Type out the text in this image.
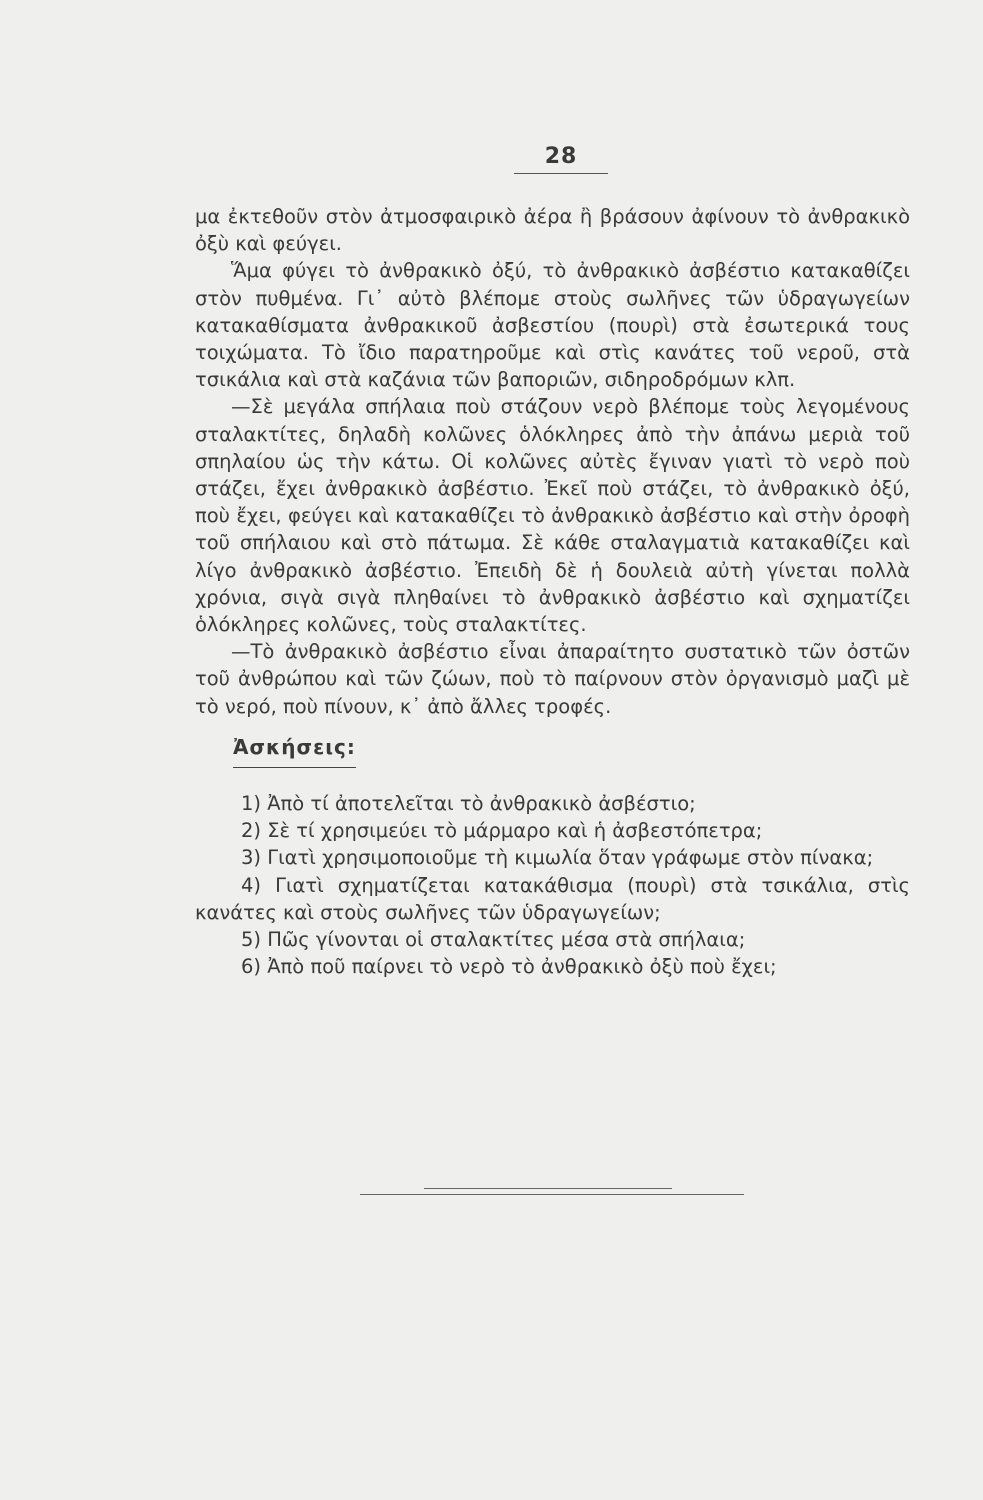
28

μα ἐκτεθοῦν στὸν ἀτμοσφαιρικὸ ἀέρα ἢ βράσουν ἀφίνουν τὸ ἀνθρακικὸ ὀξὺ καὶ φεύγει.

Ἅμα φύγει τὸ ἀνθρακικὸ ὀξύ, τὸ ἀνθρακικὸ ἀσβέστιο κατακαθίζει στὸν πυθμένα. Γι᾽ αὐτὸ βλέπομε στοὺς σωλῆνες τῶν ὑδραγωγείων κατακαθίσματα ἀνθρακικοῦ ἀσβεστίου (πουρὶ) στὰ ἐσωτερικά τους τοιχώματα. Τὸ ἴδιο παρατηροῦμε καὶ στὶς κανάτες τοῦ νεροῦ, στὰ τσικάλια καὶ στὰ καζάνια τῶν βαποριῶν, σιδηροδρόμων κλπ.

—Σὲ μεγάλα σπήλαια ποὺ στάζουν νερὸ βλέπομε τοὺς λεγομένους σταλακτίτες, δηλαδὴ κολῶνες ὁλόκληρες ἀπὸ τὴν ἀπάνω μεριὰ τοῦ σπηλαίου ὡς τὴν κάτω. Οἱ κολῶνες αὐτὲς ἔγιναν γιατὶ τὸ νερὸ ποὺ στάζει, ἔχει ἀνθρακικὸ ἀσβέστιο. Ἐκεῖ ποὺ στάζει, τὸ ἀνθρακικὸ ὀξύ, ποὺ ἔχει, φεύγει καὶ κατακαθίζει τὸ ἀνθρακικὸ ἀσβέστιο καὶ στὴν ὀροφὴ τοῦ σπήλαιου καὶ στὸ πάτωμα. Σὲ κάθε σταλαγματιὰ κατακαθίζει καὶ λίγο ἀνθρακικὸ ἀσβέστιο. Ἐπειδὴ δὲ ἡ δουλειὰ αὐτὴ γίνεται πολλὰ χρόνια, σιγὰ σιγὰ πληθαίνει τὸ ἀνθρακικὸ ἀσβέστιο καὶ σχηματίζει ὁλόκληρες κολῶνες, τοὺς σταλακτίτες.

—Τὸ ἀνθρακικὸ ἀσβέστιο εἶναι ἀπαραίτητο συστατικὸ τῶν ὀστῶν τοῦ ἀνθρώπου καὶ τῶν ζώων, ποὺ τὸ παίρνουν στὸν ὀργανισμὸ μαζὶ μὲ τὸ νερό, ποὺ πίνουν, κ᾽ ἀπὸ ἄλλες τροφές.

Ἀσκήσεις:

1) Ἀπὸ τί ἀποτελεῖται τὸ ἀνθρακικὸ ἀσβέστιο;

2) Σὲ τί χρησιμεύει τὸ μάρμαρο καὶ ἡ ἀσβεστόπετρα;

3) Γιατὶ χρησιμοποιοῦμε τὴ κιμωλία ὅταν γράφωμε στὸν πίνακα;

4) Γιατὶ σχηματίζεται κατακάθισμα (πουρὶ) στὰ τσικάλια, στὶς κανάτες καὶ στοὺς σωλῆνες τῶν ὑδραγωγείων;

5) Πῶς γίνονται οἱ σταλακτίτες μέσα στὰ σπήλαια;

6) Ἀπὸ ποῦ παίρνει τὸ νερὸ τὸ ἀνθρακικὸ ὀξὺ ποὺ ἔχει;
